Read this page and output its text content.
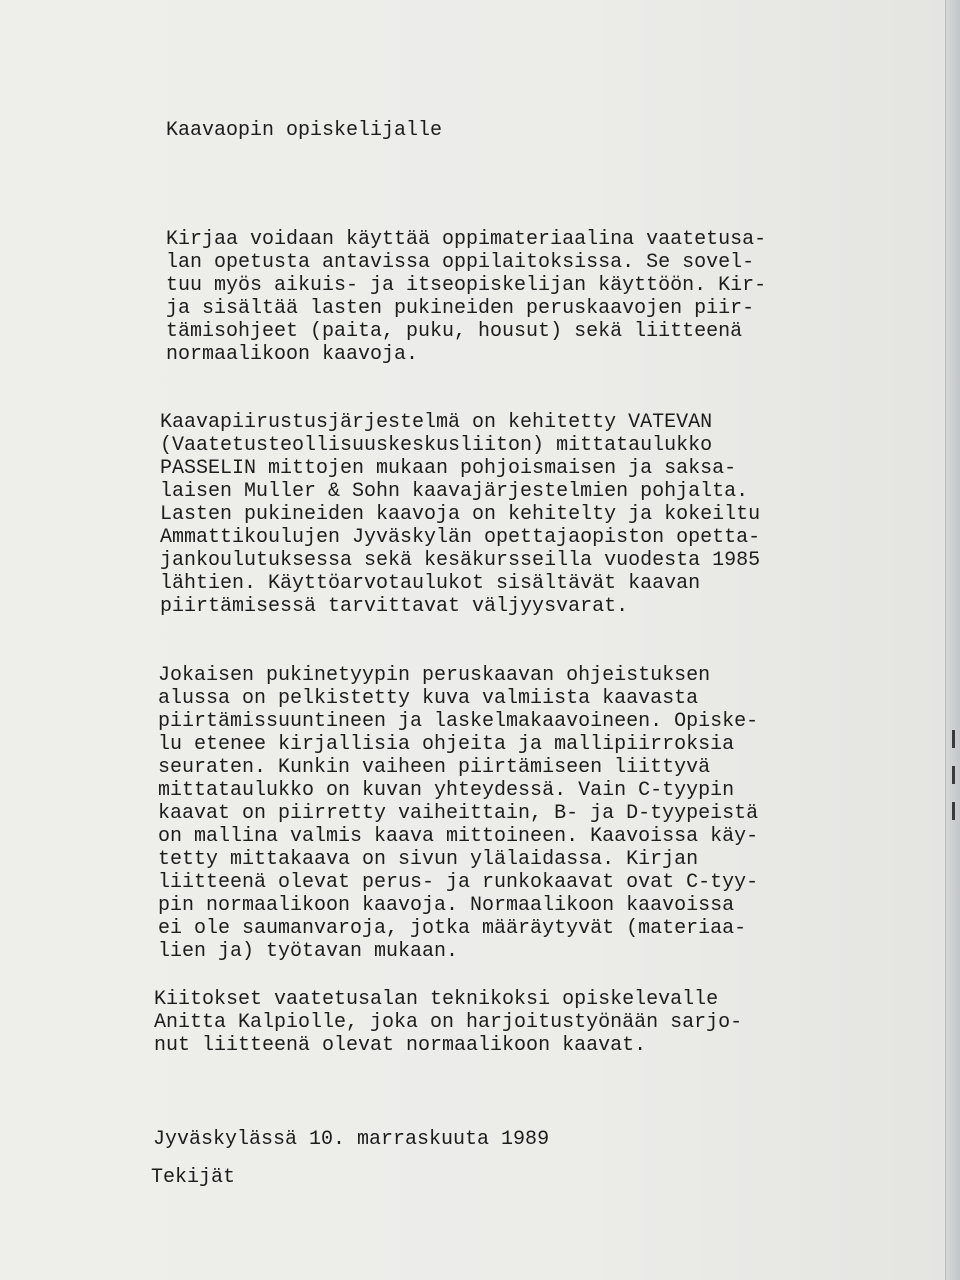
Kaavaopin opiskelijalle
Kirjaa voidaan käyttää oppimateriaalina vaatetusa-
lan opetusta antavissa oppilaitoksissa. Se sovel-
tuu myös aikuis- ja itseopiskelijan käyttöön. Kir-
ja sisältää lasten pukineiden peruskaavojen piir-
tämisohjeet (paita, puku, housut) sekä liitteenä
normaalikoon kaavoja.
Kaavapiirustusjärjestelmä on kehitetty VATEVAN
(Vaatetusteollisuuskeskusliiton) mittataulukko
PASSELIN mittojen mukaan pohjoismaisen ja saksa-
laisen Muller & Sohn kaavajärjestelmien pohjalta.
Lasten pukineiden kaavoja on kehitelty ja kokeiltu
Ammattikoulujen Jyväskylän opettajaopiston opetta-
jankoulutuksessa sekä kesäkursseilla vuodesta 1985
lähtien. Käyttöarvotaulukot sisältävät kaavan
piirtämisessä tarvittavat väljyysvarat.
Jokaisen pukinetyypin peruskaavan ohjeistuksen
alussa on pelkistetty kuva valmiista kaavasta
piirtämissuuntineen ja laskelmakaavoineen. Opiske-
lu etenee kirjallisia ohjeita ja mallipiirroksia
seuraten. Kunkin vaiheen piirtämiseen liittyvä
mittataulukko on kuvan yhteydessä. Vain C-tyypin
kaavat on piirretty vaiheittain, B- ja D-tyypeistä
on mallina valmis kaava mittoineen. Kaavoissa käy-
tetty mittakaava on sivun ylälaidassa. Kirjan
liitteenä olevat perus- ja runkokaavat ovat C-tyy-
pin normaalikoon kaavoja. Normaalikoon kaavoissa
ei ole saumanvaroja, jotka määräytyvät (materiaa-
lien ja) työtavan mukaan.
Kiitokset vaatetusalan teknikoksi opiskelevalle
Anitta Kalpiolle, joka on harjoitustyönään sarjo-
nut liitteenä olevat normaalikoon kaavat.
Jyväskylässä 10. marraskuuta 1989
Tekijät
